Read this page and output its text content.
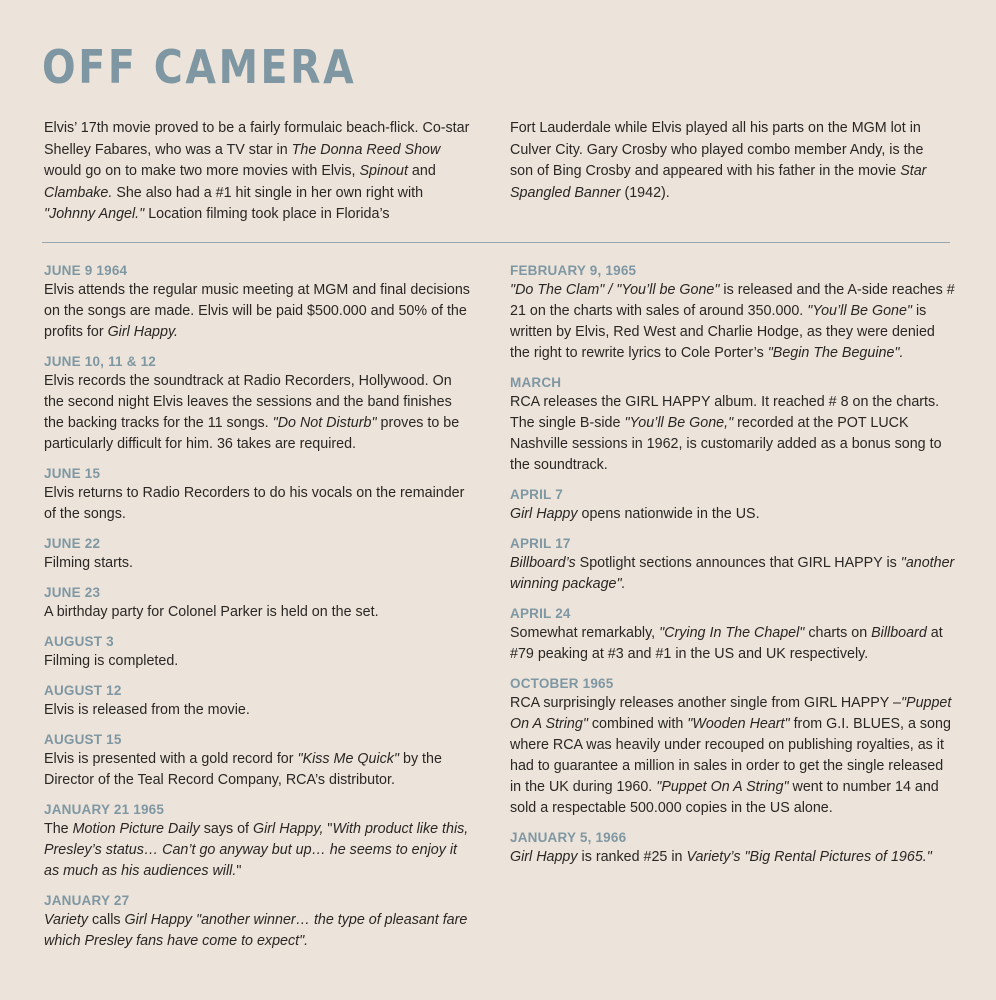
OFF CAMERA

Elvis’ 17th movie proved to be a fairly formulaic beach-flick. Co-star Shelley Fabares, who was a TV star in The Donna Reed Show would go on to make two more movies with Elvis, Spinout and Clambake. She also had a #1 hit single in her own right with "Johnny Angel." Location filming took place in Florida’s

Fort Lauderdale while Elvis played all his parts on the MGM lot in Culver City. Gary Crosby who played combo member Andy, is the son of Bing Crosby and appeared with his father in the movie Star Spangled Banner (1942).

JUNE 9 1964

Elvis attends the regular music meeting at MGM and final decisions on the songs are made. Elvis will be paid $500.000 and 50% of the profits for Girl Happy.

JUNE 10, 11 & 12

Elvis records the soundtrack at Radio Recorders, Hollywood. On the second night Elvis leaves the sessions and the band finishes the backing tracks for the 11 songs. "Do Not Disturb" proves to be particularly difficult for him. 36 takes are required.

JUNE 15

Elvis returns to Radio Recorders to do his vocals on the remainder of the songs.

JUNE 22

Filming starts.

JUNE 23

A birthday party for Colonel Parker is held on the set.

AUGUST 3

Filming is completed.

AUGUST 12

Elvis is released from the movie.

AUGUST 15

Elvis is presented with a gold record for "Kiss Me Quick" by the Director of the Teal Record Company, RCA’s distributor.

JANUARY 21 1965

The Motion Picture Daily says of Girl Happy, "With product like this, Presley’s status… Can’t go anyway but up… he seems to enjoy it as much as his audiences will."

JANUARY 27

Variety calls Girl Happy "another winner… the type of pleasant fare which Presley fans have come to expect".

FEBRUARY 9, 1965

"Do The Clam" / "You’ll be Gone" is released and the A-side reaches # 21 on the charts with sales of around 350.000. "You’ll Be Gone" is written by Elvis, Red West and Charlie Hodge, as they were denied the right to rewrite lyrics to Cole Porter’s "Begin The Beguine".

MARCH

RCA releases the GIRL HAPPY album. It reached # 8 on the charts. The single B-side "You’ll Be Gone," recorded at the POT LUCK Nashville sessions in 1962, is customarily added as a bonus song to the soundtrack.

APRIL 7

Girl Happy opens nationwide in the US.

APRIL 17

Billboard’s Spotlight sections announces that GIRL HAPPY is "another winning package".

APRIL 24

Somewhat remarkably, "Crying In The Chapel" charts on Billboard at #79 peaking at #3 and #1 in the US and UK respectively.

OCTOBER 1965

RCA surprisingly releases another single from GIRL HAPPY –"Puppet On A String" combined with "Wooden Heart" from G.I. BLUES, a song where RCA was heavily under recouped on publishing royalties, as it had to guarantee a million in sales in order to get the single released in the UK during 1960. "Puppet On A String" went to number 14 and sold a respectable 500.000 copies in the US alone.

JANUARY 5, 1966

Girl Happy is ranked #25 in Variety’s "Big Rental Pictures of 1965."
